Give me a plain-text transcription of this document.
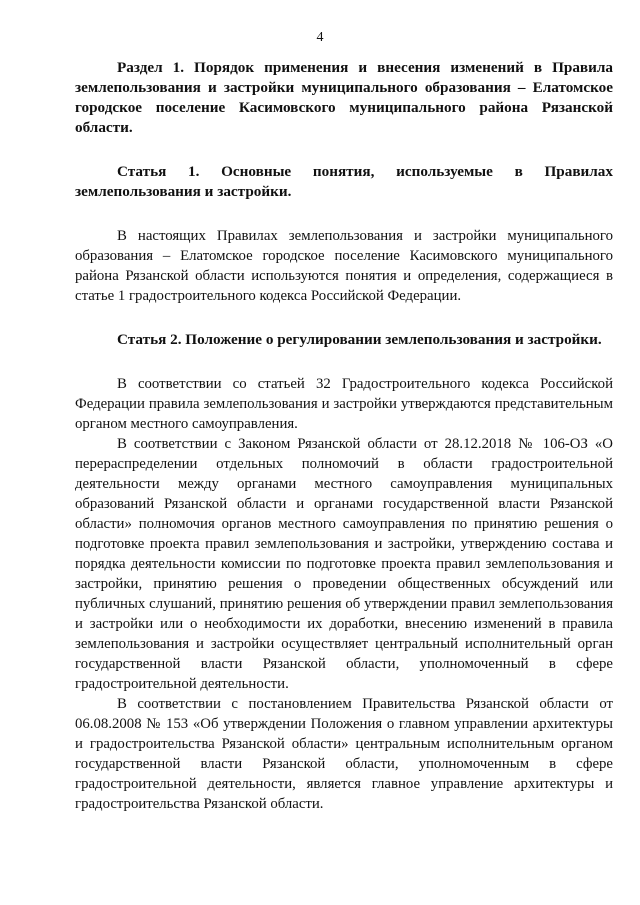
4

Раздел 1. Порядок применения и внесения изменений в Правила землепользования и застройки муниципального образования – Елатомское городское поселение Касимовского муниципального района Рязанской области.

Статья 1. Основные понятия, используемые в Правилах землепользования и застройки.

В настоящих Правилах землепользования и застройки муниципального образования – Елатомское городское поселение Касимовского муниципального района Рязанской области используются понятия и определения, содержащиеся в статье 1 градостроительного кодекса Российской Федерации.

Статья 2. Положение о регулировании землепользования и застройки.

В соответствии со статьей 32 Градостроительного кодекса Российской Федерации правила землепользования и застройки утверждаются представительным органом местного самоуправления.

В соответствии с Законом Рязанской области от 28.12.2018 № 106-ОЗ «О перераспределении отдельных полномочий в области градостроительной деятельности между органами местного самоуправления муниципальных образований Рязанской области и органами государственной власти Рязанской области» полномочия органов местного самоуправления по принятию решения о подготовке проекта правил землепользования и застройки, утверждению состава и порядка деятельности комиссии по подготовке проекта правил землепользования и застройки, принятию решения о проведении общественных обсуждений или публичных слушаний, принятию решения об утверждении правил землепользования и застройки или о необходимости их доработки, внесению изменений в правила землепользования и застройки осуществляет центральный исполнительный орган государственной власти Рязанской области, уполномоченный в сфере градостроительной деятельности.

В соответствии с постановлением Правительства Рязанской области от 06.08.2008 № 153 «Об утверждении Положения о главном управлении архитектуры и градостроительства Рязанской области» центральным исполнительным органом государственной власти Рязанской области, уполномоченным в сфере градостроительной деятельности, является главное управление архитектуры и градостроительства Рязанской области.
